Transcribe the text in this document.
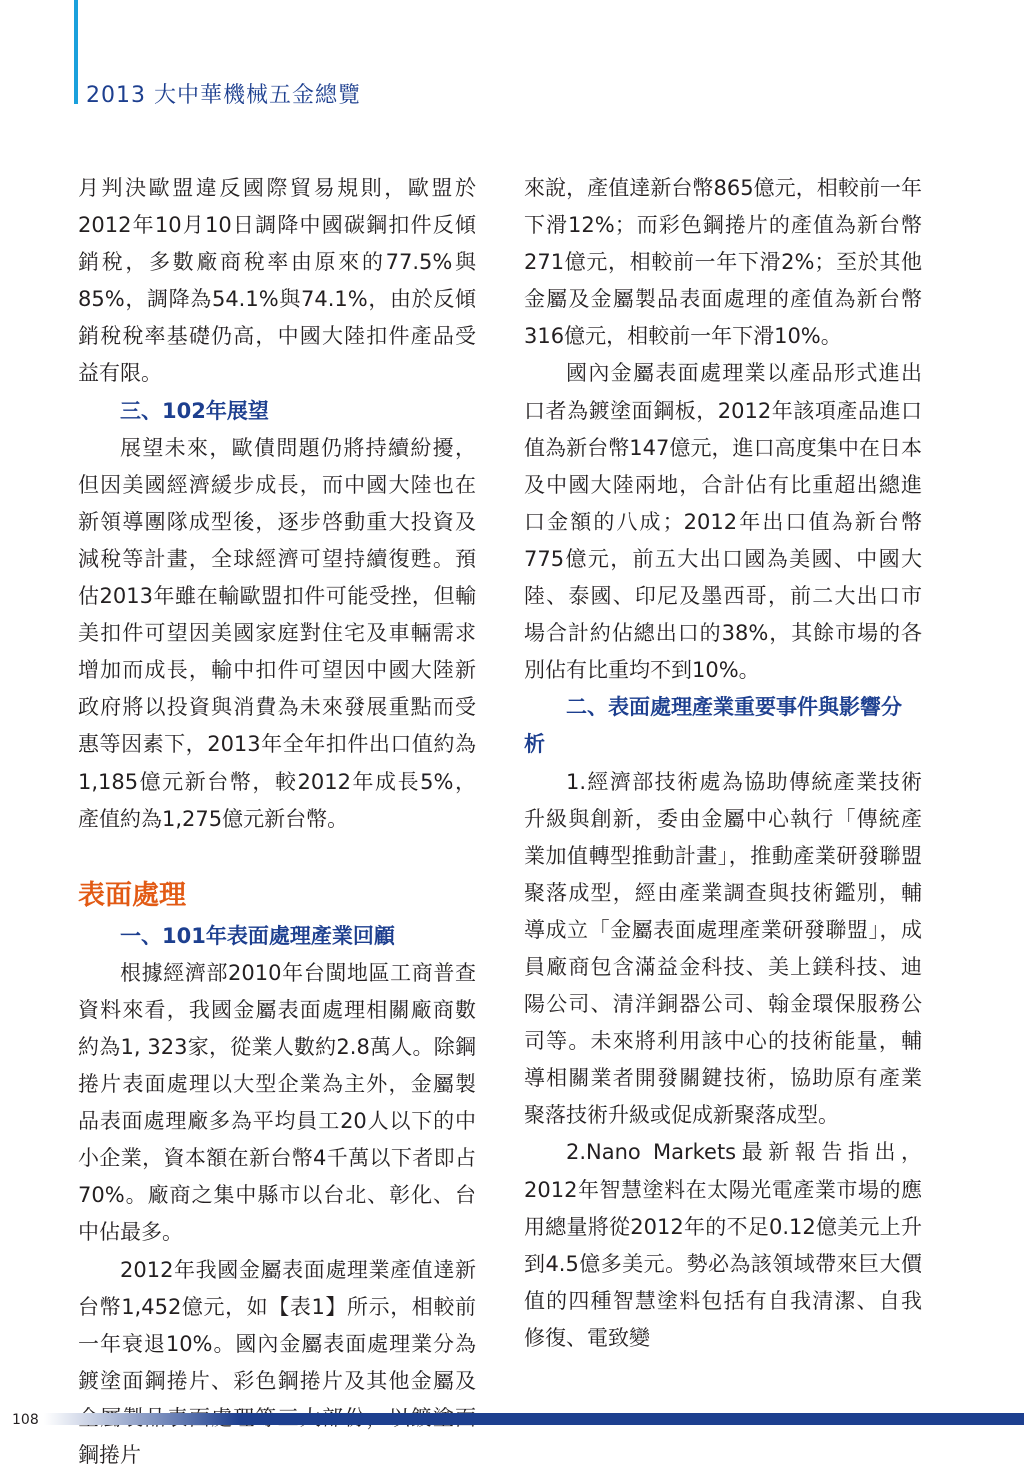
2013 大中華機械五金總覽

月判決歐盟違反國際貿易規則，歐盟於2012年10月10日調降中國碳鋼扣件反傾銷稅，多數廠商稅率由原來的77.5%與85%，調降為54.1%與74.1%，由於反傾銷稅稅率基礎仍高，中國大陸扣件產品受益有限。

三、102年展望

展望未來，歐債問題仍將持續紛擾，但因美國經濟緩步成長，而中國大陸也在新領導團隊成型後，逐步啓動重大投資及減稅等計畫，全球經濟可望持續復甦。預估2013年雖在輸歐盟扣件可能受挫，但輸美扣件可望因美國家庭對住宅及車輛需求增加而成長，輸中扣件可望因中國大陸新政府將以投資與消費為未來發展重點而受惠等因素下，2013年全年扣件出口值約為1,185億元新台幣，較2012年成長5%，產值約為1,275億元新台幣。

表面處理

一、101年表面處理產業回顧

根據經濟部2010年台閩地區工商普查資料來看，我國金屬表面處理相關廠商數約為1, 323家，從業人數約2.8萬人。除鋼捲片表面處理以大型企業為主外，金屬製品表面處理廠多為平均員工20人以下的中小企業，資本額在新台幣4千萬以下者即占70%。廠商之集中縣市以台北、彰化、台中佔最多。

2012年我國金屬表面處理業產值達新台幣1,452億元，如【表1】所示，相較前一年衰退10%。國內金屬表面處理業分為鍍塗面鋼捲片、彩色鋼捲片及其他金屬及 鋼捲片

來說，產值達新台幣865億元，相較前一年下滑12%；而彩色鋼捲片的產值為新台幣271億元，相較前一年下滑2%；至於其他金屬及金屬製品表面處理的產值為新台幣316億元，相較前一年下滑10%。

國內金屬表面處理業以產品形式進出口者為鍍塗面鋼板，2012年該項產品進口值為新台幣147億元，進口高度集中在日本及中國大陸兩地，合計佔有比重超出總進口金額的八成；2012年出口值為新台幣775億元，前五大出口國為美國、中國大陸、泰國、印尼及墨西哥，前二大出口市場合計約佔總出口的38%，其餘市場的各別佔有比重均不到10%。

二、表面處理產業重要事件與影響分析

1.經濟部技術處為協助傳統產業技術升級與創新，委由金屬中心執行「傳統產業加值轉型推動計畫」，推動產業研發聯盟聚落成型，經由產業調查與技術鑑別，輔導成立「金屬表面處理產業研發聯盟」，成員廠商包含滿益金科技、美上鎂科技、迪陽公司、清洋銅器公司、翰金環保服務公司等。未來將利用該中心的技術能量，輔導相關業者開發關鍵技術，協助原有產業聚落技術升級或促成新聚落成型。

2.Nano Markets最新報告指出，2012年智慧塗料在太陽光電產業市場的應用總量將從2012年的不足0.12億美元上升到4.5億多美元。勢必為該領域帶來巨大價值的四種智慧塗料包括有自我清潔、自我修復、電致變

108
